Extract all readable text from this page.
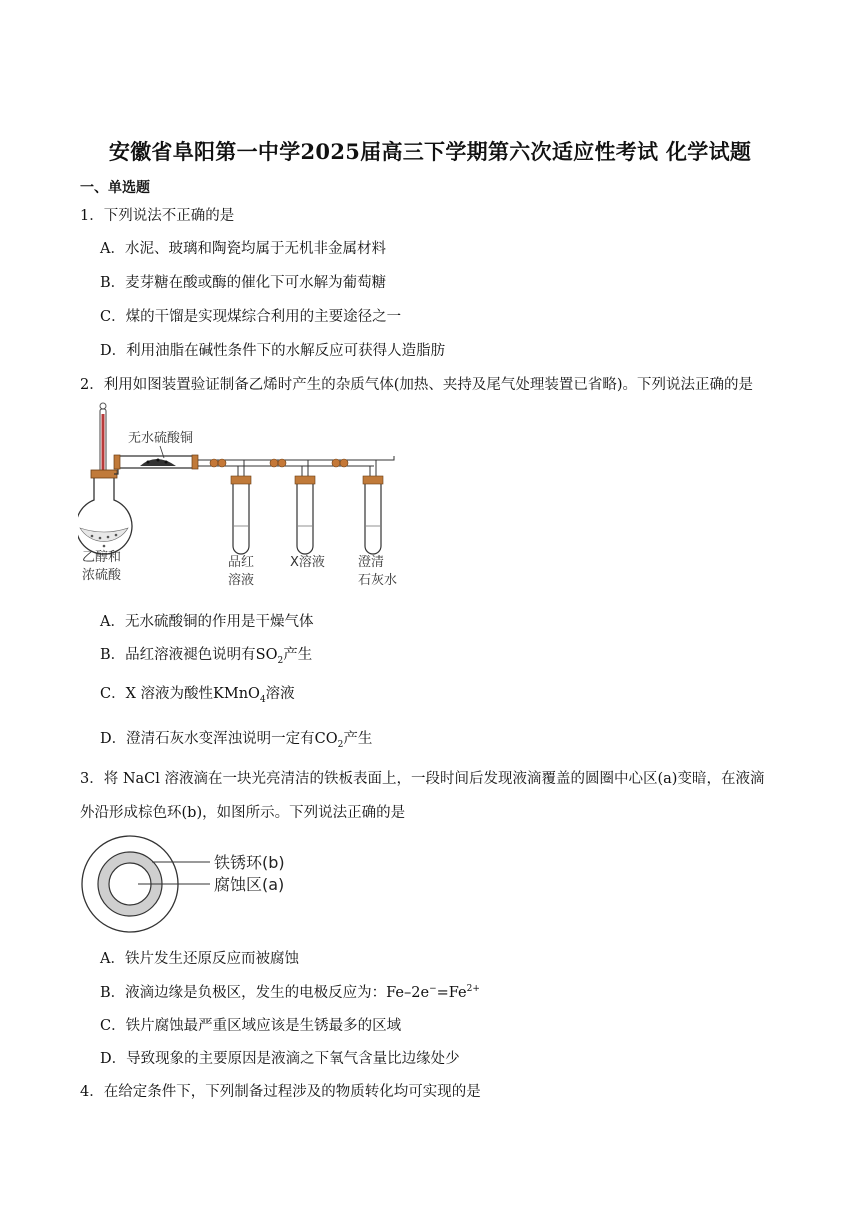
安徽省阜阳第一中学2025届高三下学期第六次适应性考试 化学试题
一、单选题
1．下列说法不正确的是
A．水泥、玻璃和陶瓷均属于无机非金属材料
B．麦芽糖在酸或酶的催化下可水解为葡萄糖
C．煤的干馏是实现煤综合利用的主要途径之一
D．利用油脂在碱性条件下的水解反应可获得人造脂肪
2．利用如图装置验证制备乙烯时产生的杂质气体(加热、夹持及尾气处理装置已省略)。下列说法正确的是
无水硫酸铜
乙醇和
浓硫酸
品红
溶液
X溶液	澄清
石灰水
A．无水硫酸铜的作用是干燥气体
B．品红溶液褪色说明有$SO_2$产生
C．X 溶液为酸性KMnO$_4$溶液
D．澄清石灰水变浑浊说明一定有$CO_2$产生
3．将 NaCl 溶液滴在一块光亮清洁的铁板表面上，一段时间后发现液滴覆盖的圆圈中心区(a)变暗，在液滴
外沿形成棕色环(b)，如图所示。下列说法正确的是
铁锈环(b)
腐蚀区(a)
A．铁片发生还原反应而被腐蚀
B．液滴边缘是负极区，发生的电极反应为：$Fe-2e^-=Fe^{2+}$
C．铁片腐蚀最严重区域应该是生锈最多的区域
D．导致现象的主要原因是液滴之下氧气含量比边缘处少
4．在给定条件下，下列制备过程涉及的物质转化均可实现的是
